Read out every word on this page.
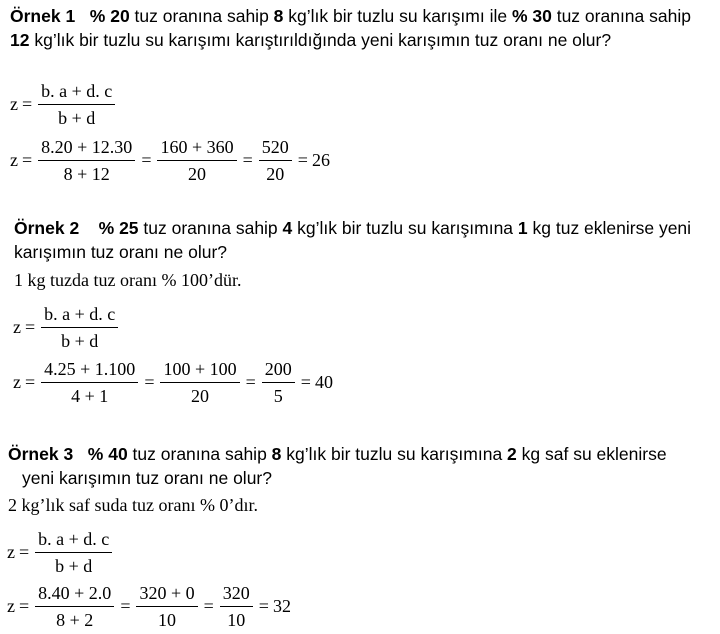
Örnek 1 % 20 tuz oranına sahip 8 kg’lık bir tuzlu su karışımı ile % 30 tuz oranına sahip
12 kg’lık bir tuzlu su karışımı karıştırıldığında yeni karışımın tuz oranı ne olur?
$z = \frac{b. a + d. c}{b + d}$
$z = \frac{8.20 + 12.30}{8 + 12} = \frac{160 + 360}{20} = \frac{520}{20} = 26$
Örnek 2 % 25 tuz oranına sahip 4 kg’lık bir tuzlu su karışımına 1 kg tuz eklenirse yeni
karışımın tuz oranı ne olur?
1 kg tuzda tuz oranı % 100’dür.
$z = \frac{b. a + d. c}{b + d}$
$z = \frac{4.25 + 1.100}{4 + 1} = \frac{100 + 100}{20} = \frac{200}{5} = 40$
Örnek 3 % 40 tuz oranına sahip 8 kg’lık bir tuzlu su karışımına 2 kg saf su eklenirse
yeni karışımın tuz oranı ne olur?
2 kg’lık saf suda tuz oranı % 0’dır.
$z = \frac{b. a + d. c}{b + d}$
$z = \frac{8.40 + 2.0}{8 + 2} = \frac{320 + 0}{10} = \frac{320}{10} = 32$
